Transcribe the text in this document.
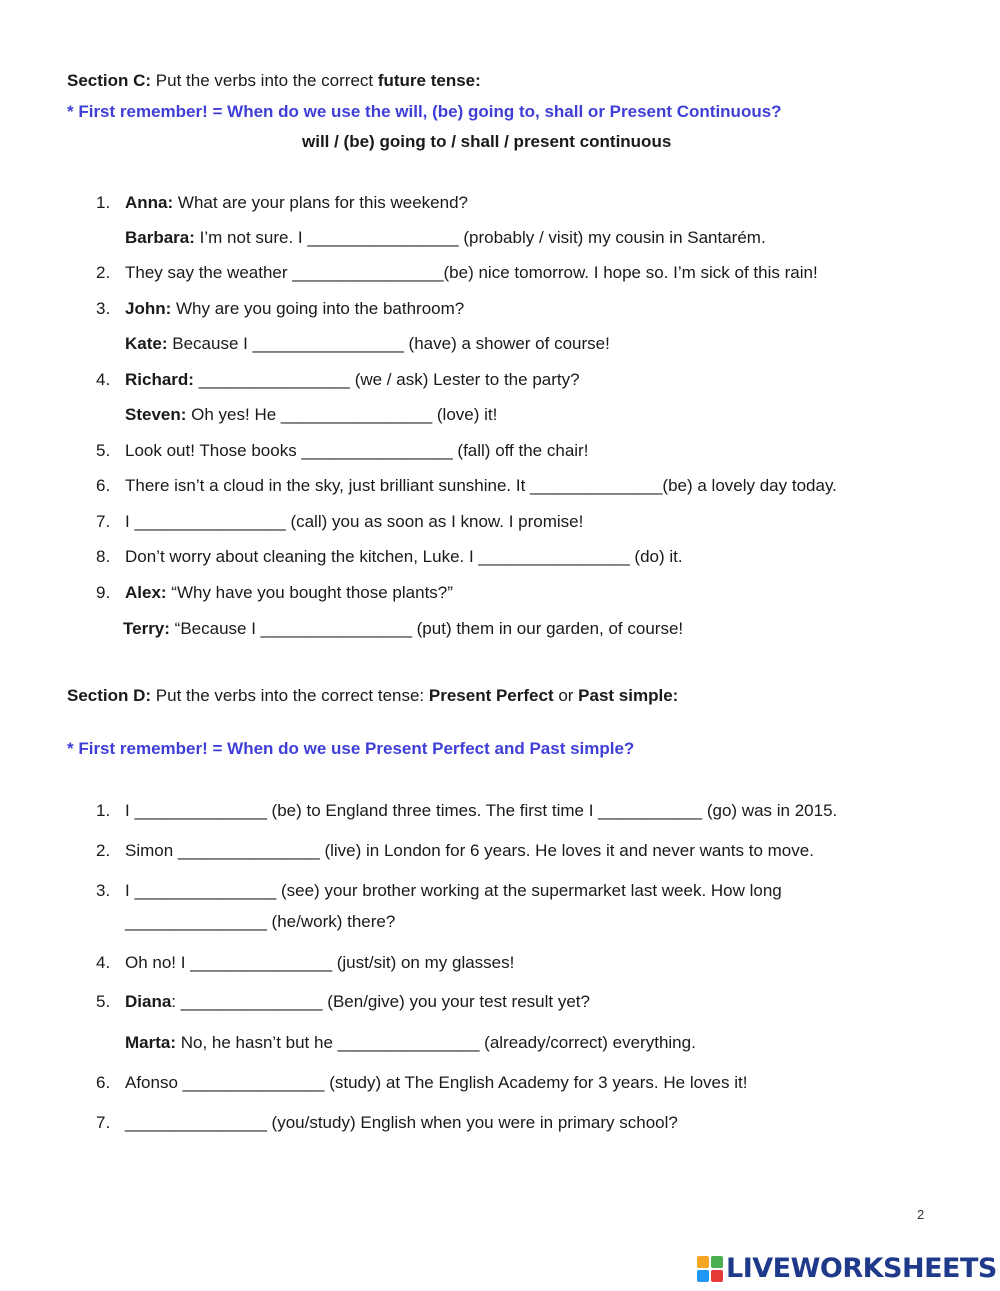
Section C: Put the verbs into the correct future tense:
* First remember! = When do we use the will, (be) going to, shall or Present Continuous?
will / (be) going to / shall / present continuous
1. Anna: What are your plans for this weekend?
Barbara: I’m not sure. I ________________ (probably / visit) my cousin in Santarém.
2. They say the weather ________________(be) nice tomorrow. I hope so. I’m sick of this rain!
3. John: Why are you going into the bathroom?
Kate: Because I ________________ (have) a shower of course!
4. Richard: ________________ (we / ask) Lester to the party?
Steven: Oh yes! He ________________ (love) it!
5. Look out! Those books ________________ (fall) off the chair!
6. There isn’t a cloud in the sky, just brilliant sunshine. It ______________(be) a lovely day today.
7. I ________________ (call) you as soon as I know. I promise!
8. Don’t worry about cleaning the kitchen, Luke. I ________________ (do) it.
9. Alex: “Why have you bought those plants?”
Terry: “Because I ________________ (put) them in our garden, of course!
Section D: Put the verbs into the correct tense: Present Perfect or Past simple:
* First remember! = When do we use Present Perfect and Past simple?
1. I ______________ (be) to England three times. The first time I ___________ (go) was in 2015.
2. Simon _______________ (live) in London for 6 years. He loves it and never wants to move.
3. I _______________ (see) your brother working at the supermarket last week. How long
_______________ (he/work) there?
4. Oh no! I _______________ (just/sit) on my glasses!
5. Diana: _______________ (Ben/give) you your test result yet?
Marta: No, he hasn’t but he _______________ (already/correct) everything.
6. Afonso _______________ (study) at The English Academy for 3 years. He loves it!
7. _______________ (you/study) English when you were in primary school?
2
LIVEWORKSHEETS
